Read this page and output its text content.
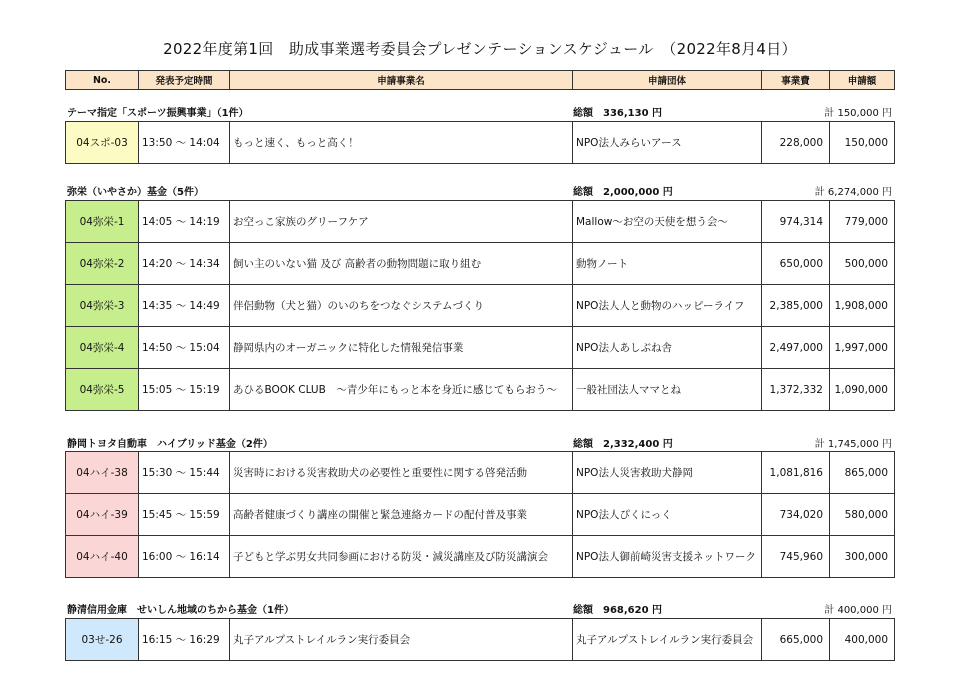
2022年度第1回　助成事業選考委員会プレゼンテーションスケジュール　（2022年8月4日）
No.	発表予定時間	申請事業名	申請団体	事業費	申請額
テーマ指定「スポーツ振興事業」（1件）	総額　336,130 円	計 150,000 円
04スポ-03	13:50 ～ 14:04	もっと速く、もっと高く！	NPO法人みらいアース	228,000	150,000
弥栄（いやさか）基金（5件）	総額　2,000,000 円	計 6,274,000 円
04弥栄-1	14:05 ～ 14:19	お空っこ家族のグリーフケア	Mallow～お空の天使を想う会～	974,314	779,000
04弥栄-2	14:20 ～ 14:34	飼い主のいない猫 及び 高齢者の動物問題に取り組む	動物ノート	650,000	500,000
04弥栄-3	14:35 ～ 14:49	伴侶動物（犬と猫）のいのちをつなぐシステムづくり	NPO法人人と動物のハッピーライフ	2,385,000	1,908,000
04弥栄-4	14:50 ～ 15:04	静岡県内のオーガニックに特化した情報発信事業	NPO法人あしぶね舎	2,497,000	1,997,000
04弥栄-5	15:05 ～ 15:19	あひるBOOK CLUB　～青少年にもっと本を身近に感じてもらおう～	一般社団法人ママとね	1,372,332	1,090,000
静岡トヨタ自動車　ハイブリッド基金（2件）	総額　2,332,400 円	計 1,745,000 円
04ハイ-38	15:30 ～ 15:44	災害時における災害救助犬の必要性と重要性に関する啓発活動	NPO法人災害救助犬静岡	1,081,816	865,000
04ハイ-39	15:45 ～ 15:59	高齢者健康づくり講座の開催と緊急連絡カードの配付普及事業	NPO法人ぴくにっく	734,020	580,000
04ハイ-40	16:00 ～ 16:14	子どもと学ぶ男女共同参画における防災・減災講座及び防災講演会	NPO法人御前崎災害支援ネットワーク	745,960	300,000
静清信用金庫　せいしん地域のちから基金（1件）	総額　968,620 円	計 400,000 円
03せ-26	16:15 ～ 16:29	丸子アルプストレイルラン実行委員会	丸子アルプストレイルラン実行委員会	665,000	400,000
